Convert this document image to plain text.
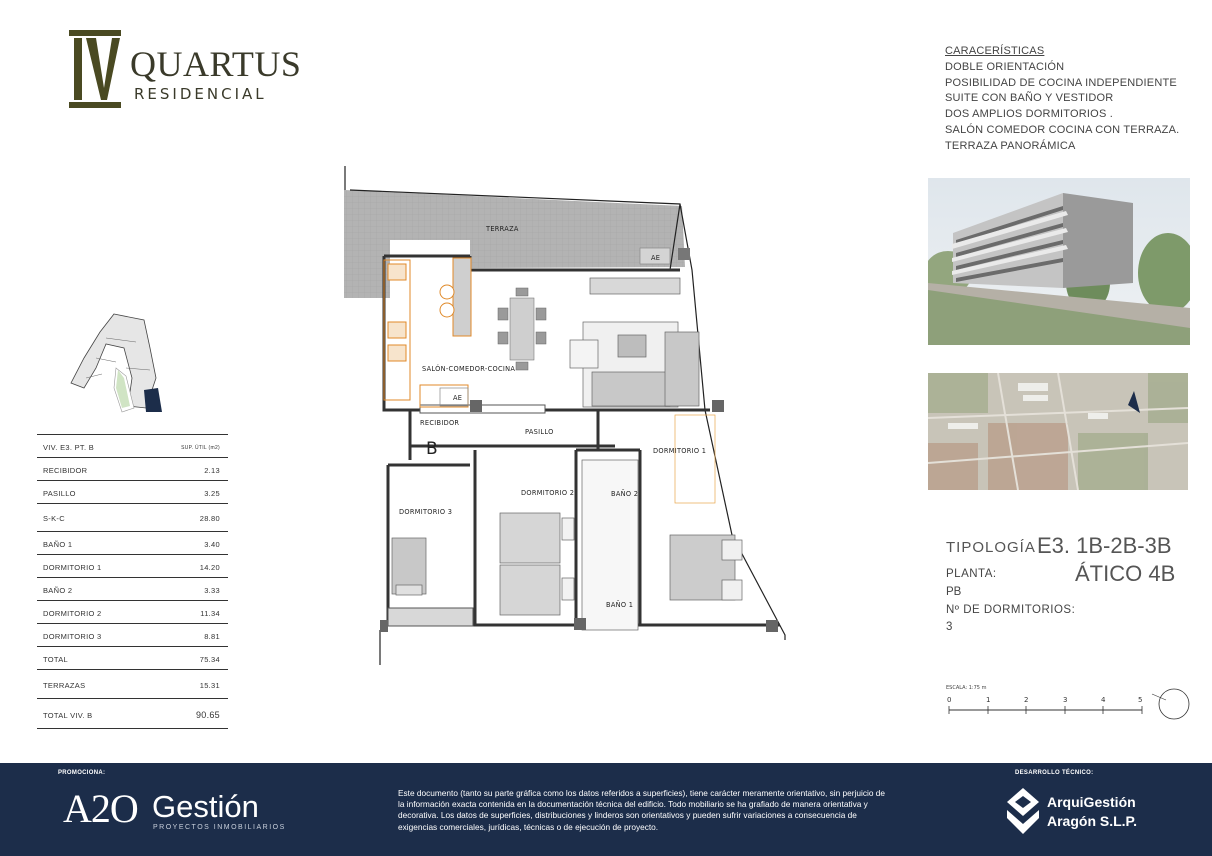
QUARTUS
RESIDENCIAL
CARACERÍSTICAS
DOBLE ORIENTACIÓN
POSIBILIDAD DE COCINA INDEPENDIENTE
SUITE CON BAÑO Y VESTIDOR
DOS AMPLIOS DORMITORIOS .
SALÓN COMEDOR COCINA CON TERRAZA.
TERRAZA PANORÁMICA
VIV. E3. PT. B	SUP. ÚTIL (m2)
RECIBIDOR	2.13
PASILLO	3.25
S-K-C	28.80
BAÑO 1	3.40
DORMITORIO 1	14.20
BAÑO 2	3.33
DORMITORIO 2	11.34
DORMITORIO 3	8.81
TOTAL	75.34
TERRAZAS	15.31
TOTAL VIV. B	90.65
AE
AE
SALÓN-COMEDOR-COCINA
RECIBIDOR
PASILLO
TERRAZA
B
DORMITORIO 3
DORMITORIO 2
DORMITORIO 1
BAÑO 2
BAÑO 1
TIPOLOGÍA E3. 1B-2B-3B
ÁTICO 4B
PLANTA:
PB
Nº DE DORMITORIOS:
3
ESCALA: 1:75 m
0	1	2	3	4	5
PROMOCIONA:
A2O Gestión
PROYECTOS INMOBILIARIOS
Este documento (tanto su parte gráfica como los datos referidos a superficies), tiene carácter meramente orientativo, sin perjuicio de la información exacta contenida en la documentación técnica del edificio. Todo mobiliario se ha grafiado de manera orientativa y decorativa. Los datos de superficies, distribuciones y linderos son orientativos y pueden sufrir variaciones a consecuencia de exigencias comerciales, jurídicas, técnicas o de ejecución de proyecto.
DESARROLLO TÉCNICO:
ArquiGestión
Aragón S.L.P.
